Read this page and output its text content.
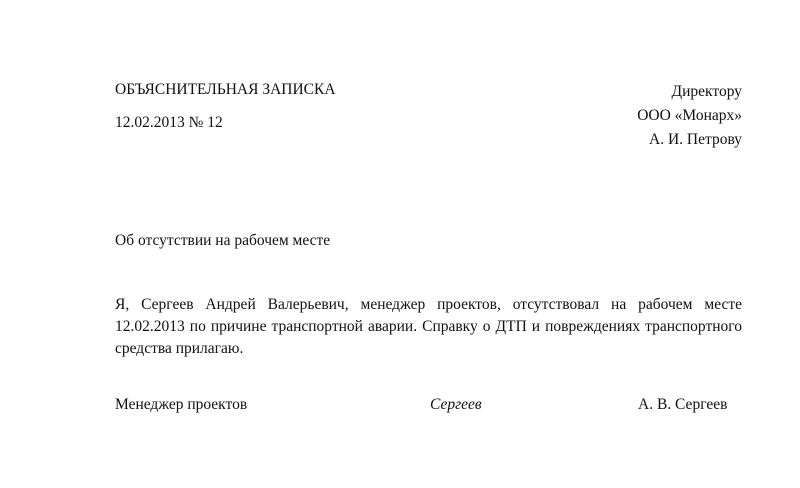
ОБЪЯСНИТЕЛЬНАЯ ЗАПИСКА
12.02.2013 № 12
Директору
ООО «Монарх»
А. И. Петрову
Об отсутствии на рабочем месте

Я, Сергеев Андрей Валерьевич, менеджер проектов, отсутствовал на рабочем месте 12.02.2013 по причине транспортной аварии. Справку о ДТП и повреждениях транспортного средства прилагаю.

Менеджер проектов	Сергеев	А. В. Сергеев
